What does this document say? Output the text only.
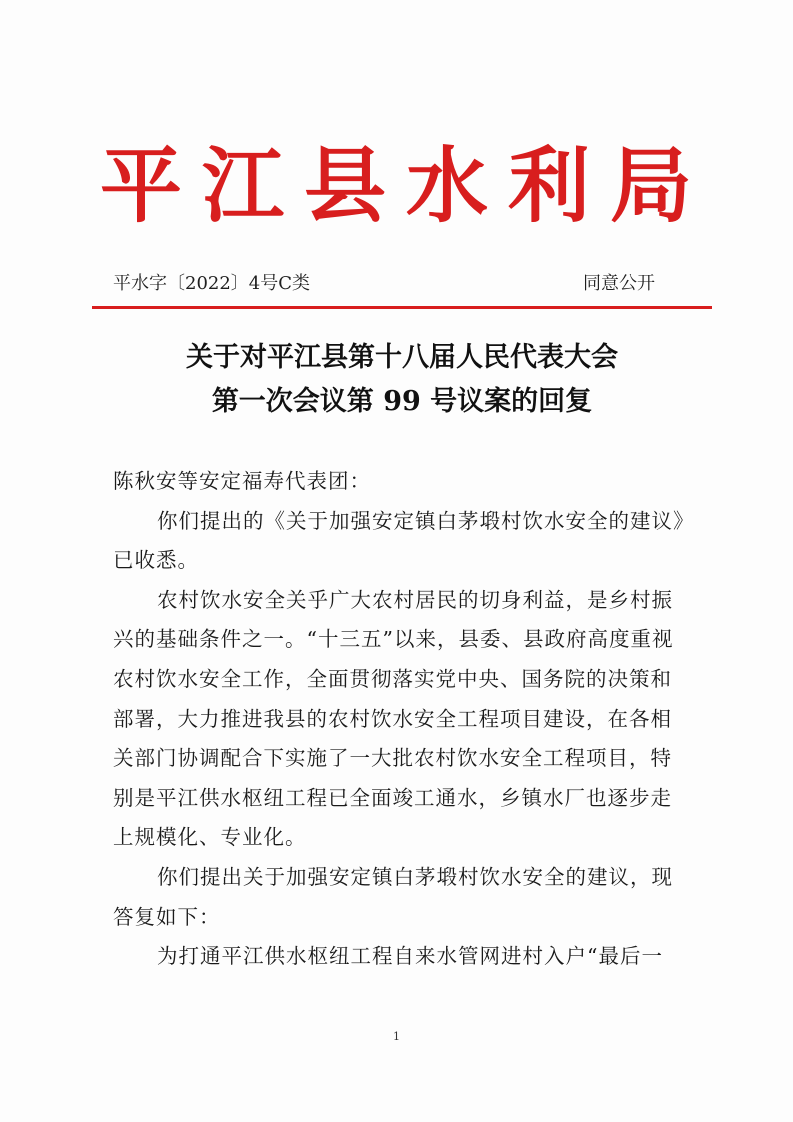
平江县水利局
平水字〔2022〕4号C类	同意公开
关于对平江县第十八届人民代表大会
第一次会议第 99 号议案的回复

陈秋安等安定福寿代表团：

你们提出的《关于加强安定镇白茅塅村饮水安全的建议》

已收悉。

农村饮水安全关乎广大农村居民的切身利益，是乡村振

兴的基础条件之一。“十三五”以来，县委、县政府高度重视

农村饮水安全工作，全面贯彻落实党中央、国务院的决策和

部署，大力推进我县的农村饮水安全工程项目建设，在各相

关部门协调配合下实施了一大批农村饮水安全工程项目，特

别是平江供水枢纽工程已全面竣工通水，乡镇水厂也逐步走

上规模化、专业化。

你们提出关于加强安定镇白茅塅村饮水安全的建议，现

答复如下：

为打通平江供水枢纽工程自来水管网进村入户“最后一

1
